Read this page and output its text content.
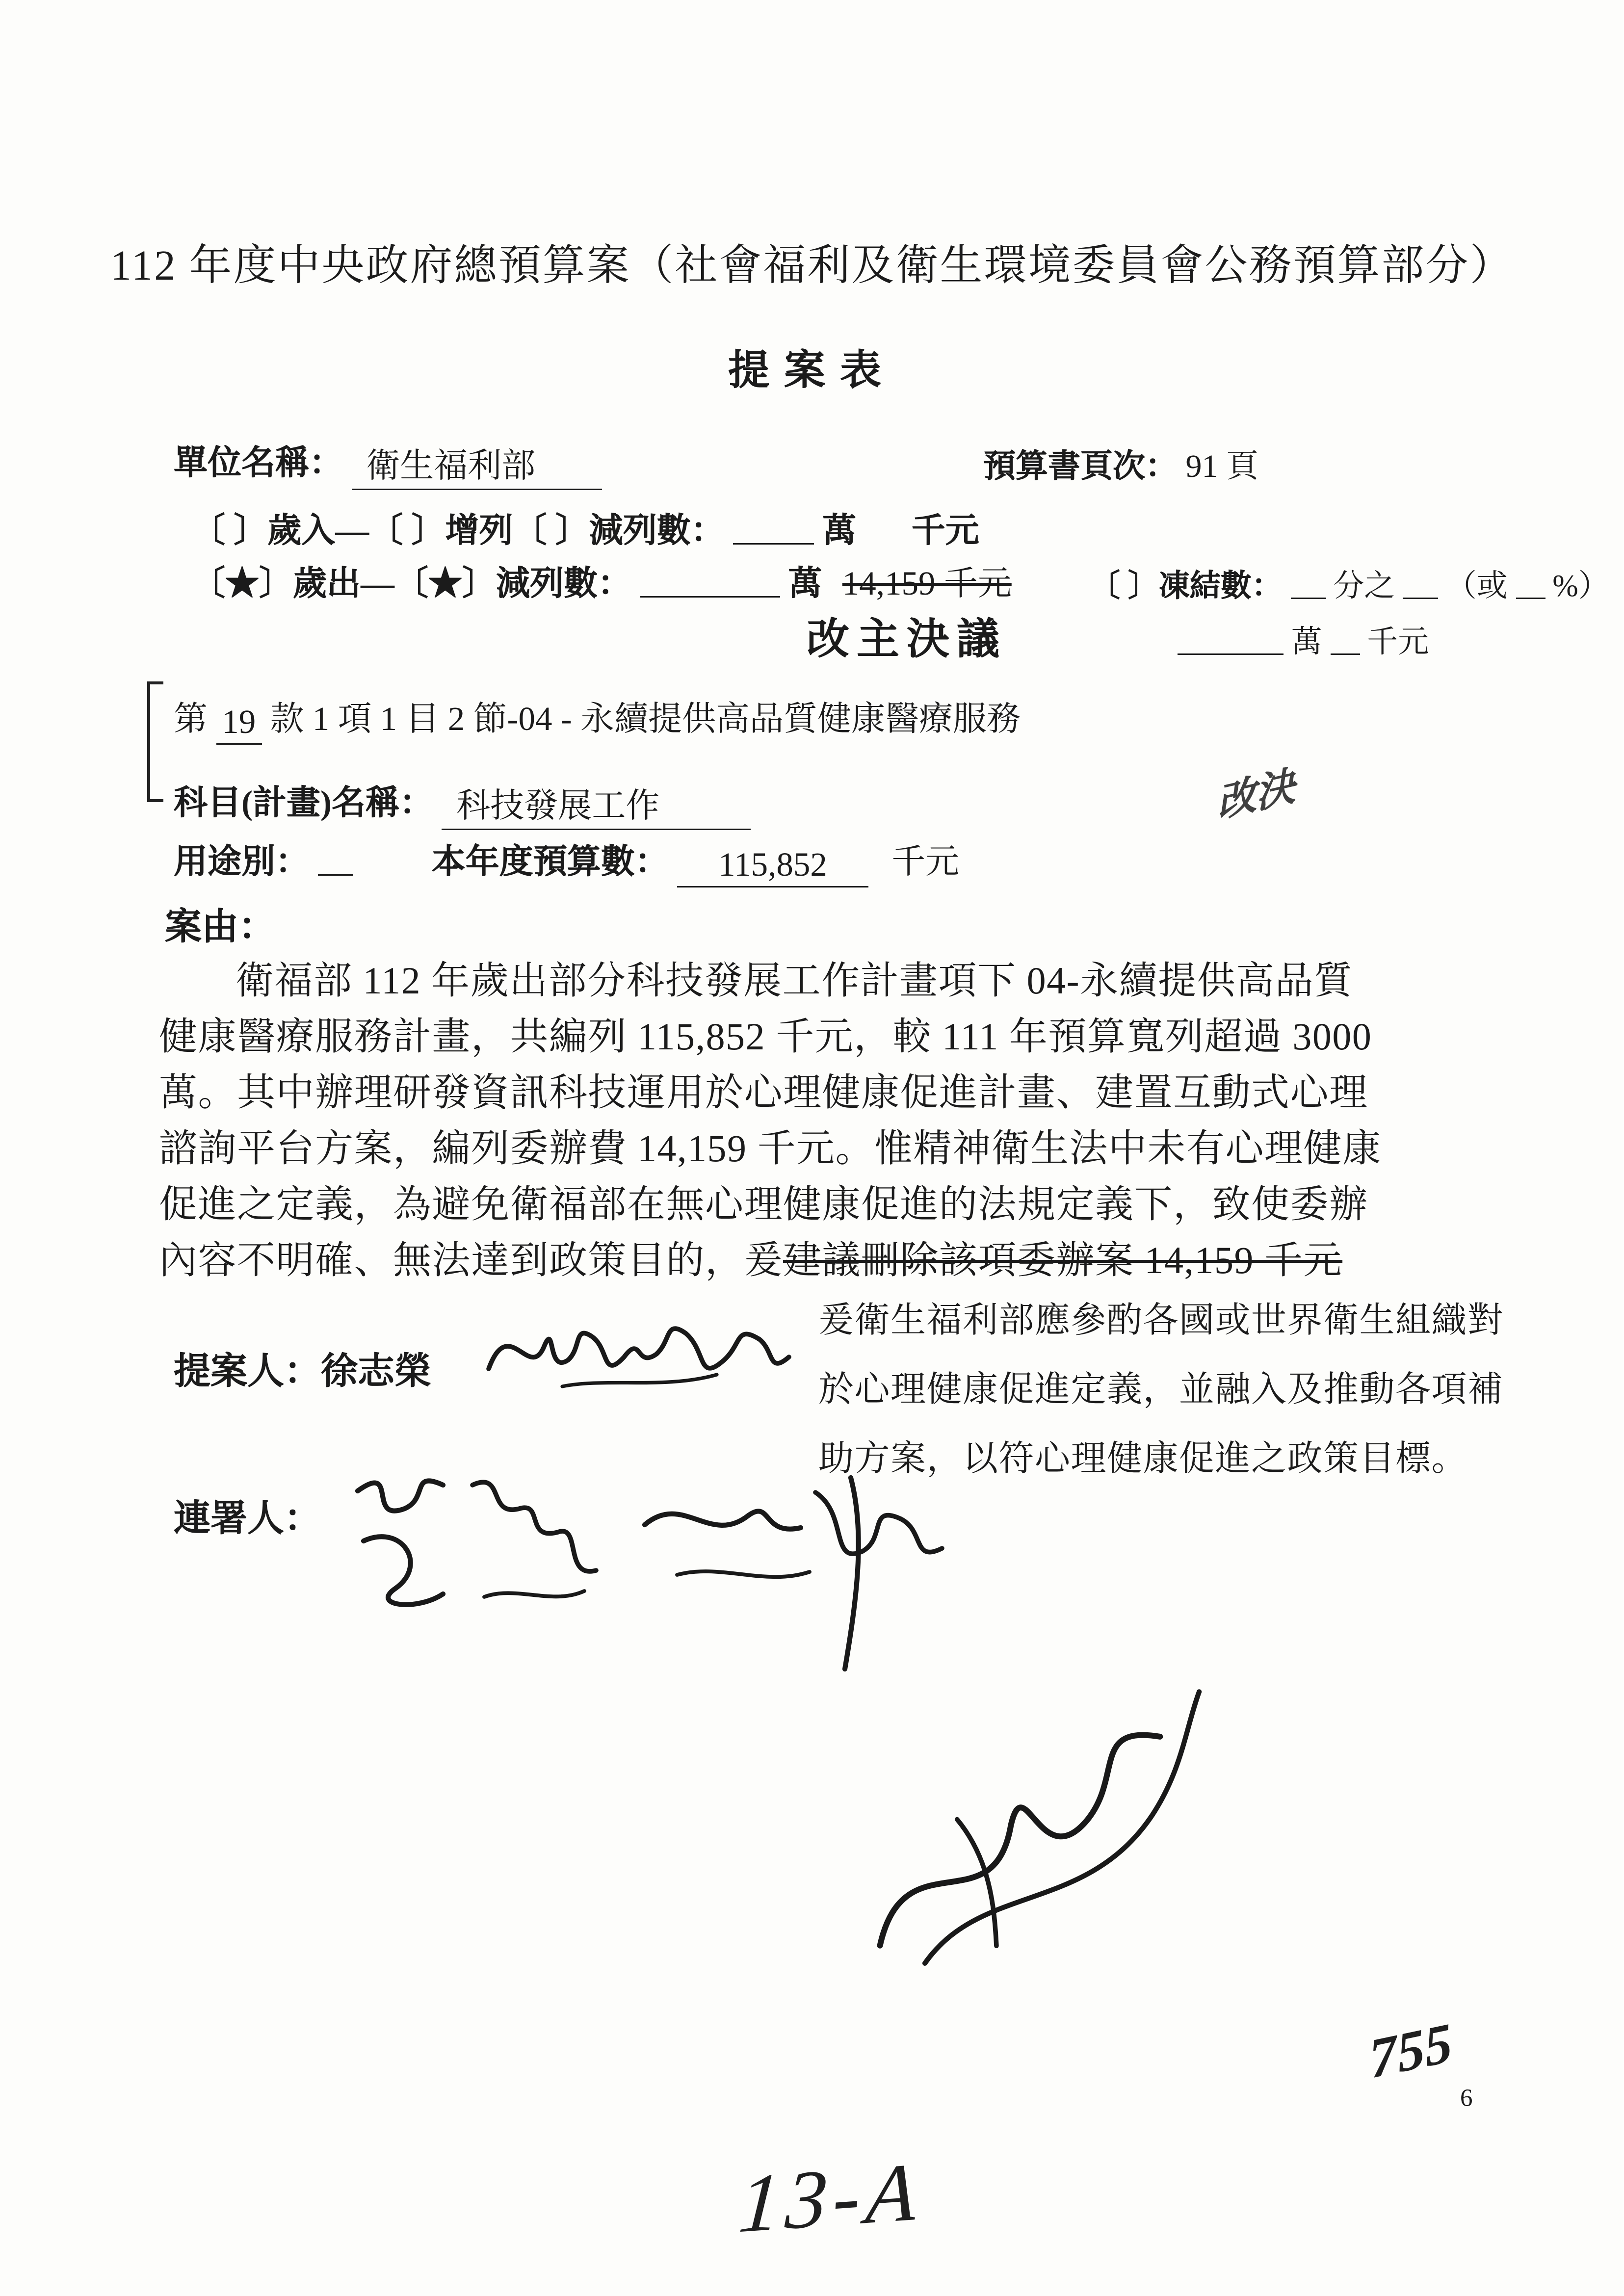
112 年度中央政府總預算案（社會福利及衛生環境委員會公務預算部分）
提案表
單位名稱： 衛生福利部	預算書頁次： 91 頁
〔 〕歲入—〔 〕增列〔 〕減列數：	萬	千元
〔★〕歲出—〔★〕減列數：	萬 14,159 千元	〔 〕凍結數：	分之	（或	%）
萬	千元
改主決議
第 19 款 1 項 1 目 2 節-04 - 永續提供高品質健康醫療服務
科目(計畫)名稱： 科技發展工作	改決
用途別：	本年度預算數：	115,852	千元
案由：
衛福部 112 年歲出部分科技發展工作計畫項下 04-永續提供高品質
健康醫療服務計畫，共編列 115,852 千元，較 111 年預算寬列超過 3000
萬。其中辦理研發資訊科技運用於心理健康促進計畫、建置互動式心理
諮詢平台方案，編列委辦費 14,159 千元。惟精神衛生法中未有心理健康
促進之定義，為避免衛福部在無心理健康促進的法規定義下，致使委辦
內容不明確、無法達到政策目的，爰建議刪除該項委辦案 14,159 千元
爰衛生福利部應參酌各國或世界衛生組織對
於心理健康促進定義，並融入及推動各項補
助方案，以符心理健康促進之政策目標。
提案人：徐志榮
連署人：
755
6
13-A
